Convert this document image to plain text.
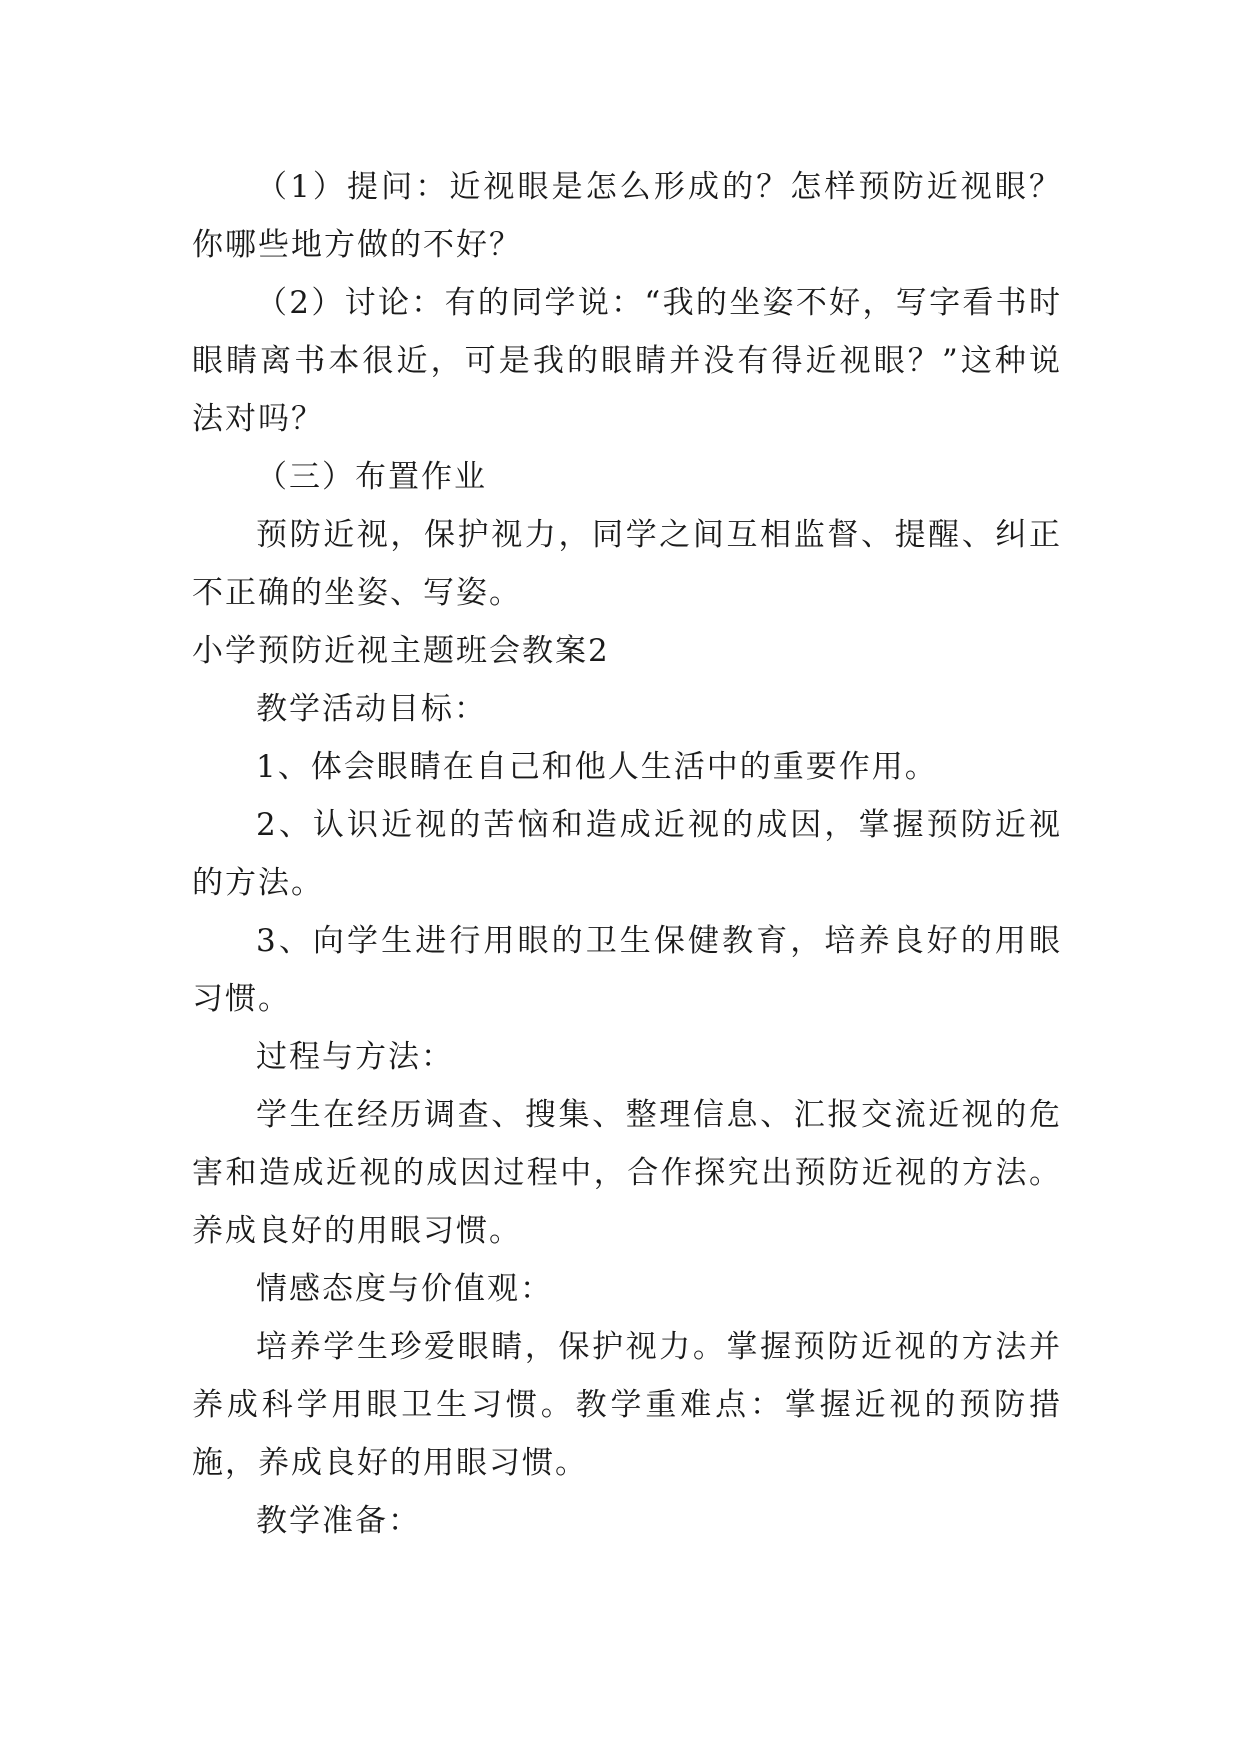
（1）提问：近视眼是怎么形成的？怎样预防近视眼？你哪些地方做的不好？

（2）讨论：有的同学说：“我的坐姿不好，写字看书时眼睛离书本很近，可是我的眼睛并没有得近视眼？”这种说法对吗？

（三）布置作业

预防近视，保护视力，同学之间互相监督、提醒、纠正不正确的坐姿、写姿。

小学预防近视主题班会教案2

教学活动目标：

1、体会眼睛在自己和他人生活中的重要作用。

2、认识近视的苦恼和造成近视的成因，掌握预防近视的方法。

3、向学生进行用眼的卫生保健教育，培养良好的用眼习惯。

过程与方法：

学生在经历调查、搜集、整理信息、汇报交流近视的危害和造成近视的成因过程中，合作探究出预防近视的方法。养成良好的用眼习惯。

情感态度与价值观：

培养学生珍爱眼睛，保护视力。掌握预防近视的方法并养成科学用眼卫生习惯。教学重难点：掌握近视的预防措施，养成良好的用眼习惯。

教学准备：
